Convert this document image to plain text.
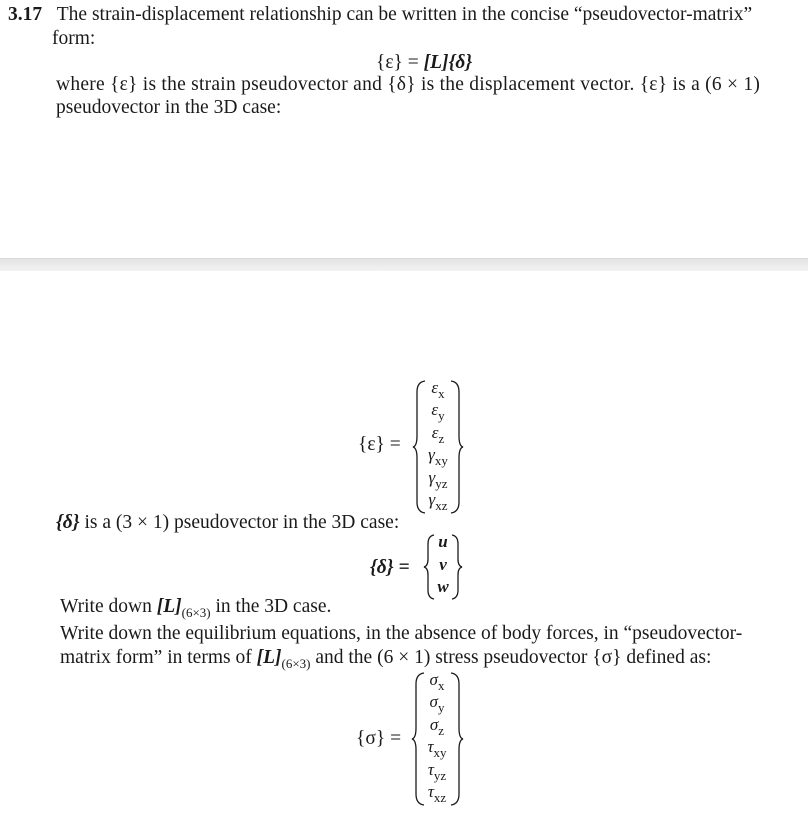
3.17 The strain-displacement relationship can be written in the concise “pseudovector-matrix”
form:
{ε} = [L]{δ}
where {ε} is the strain pseudovector and {δ} is the displacement vector. {ε} is a (6 × 1)
pseudovector in the 3D case:
{ε} =
$\varepsilon_x$
$\varepsilon_y$
$\varepsilon_z$
$\gamma_{xy}$
$\gamma_{yz}$
$\gamma_{xz}$
{δ} is a (3 × 1) pseudovector in the 3D case:
{δ} =
u
v
w
Write down $[L]_{(6\times 3)}$ in the 3D case.
Write down the equilibrium equations, in the absence of body forces, in “pseudovector-
matrix form” in terms of $[L]_{(6\times 3)}$ and the (6 × 1) stress pseudovector {σ} defined as:
{σ} =
$\sigma_x$
$\sigma_y$
$\sigma_z$
$\tau_{xy}$
$\tau_{yz}$
$\tau_{xz}$
